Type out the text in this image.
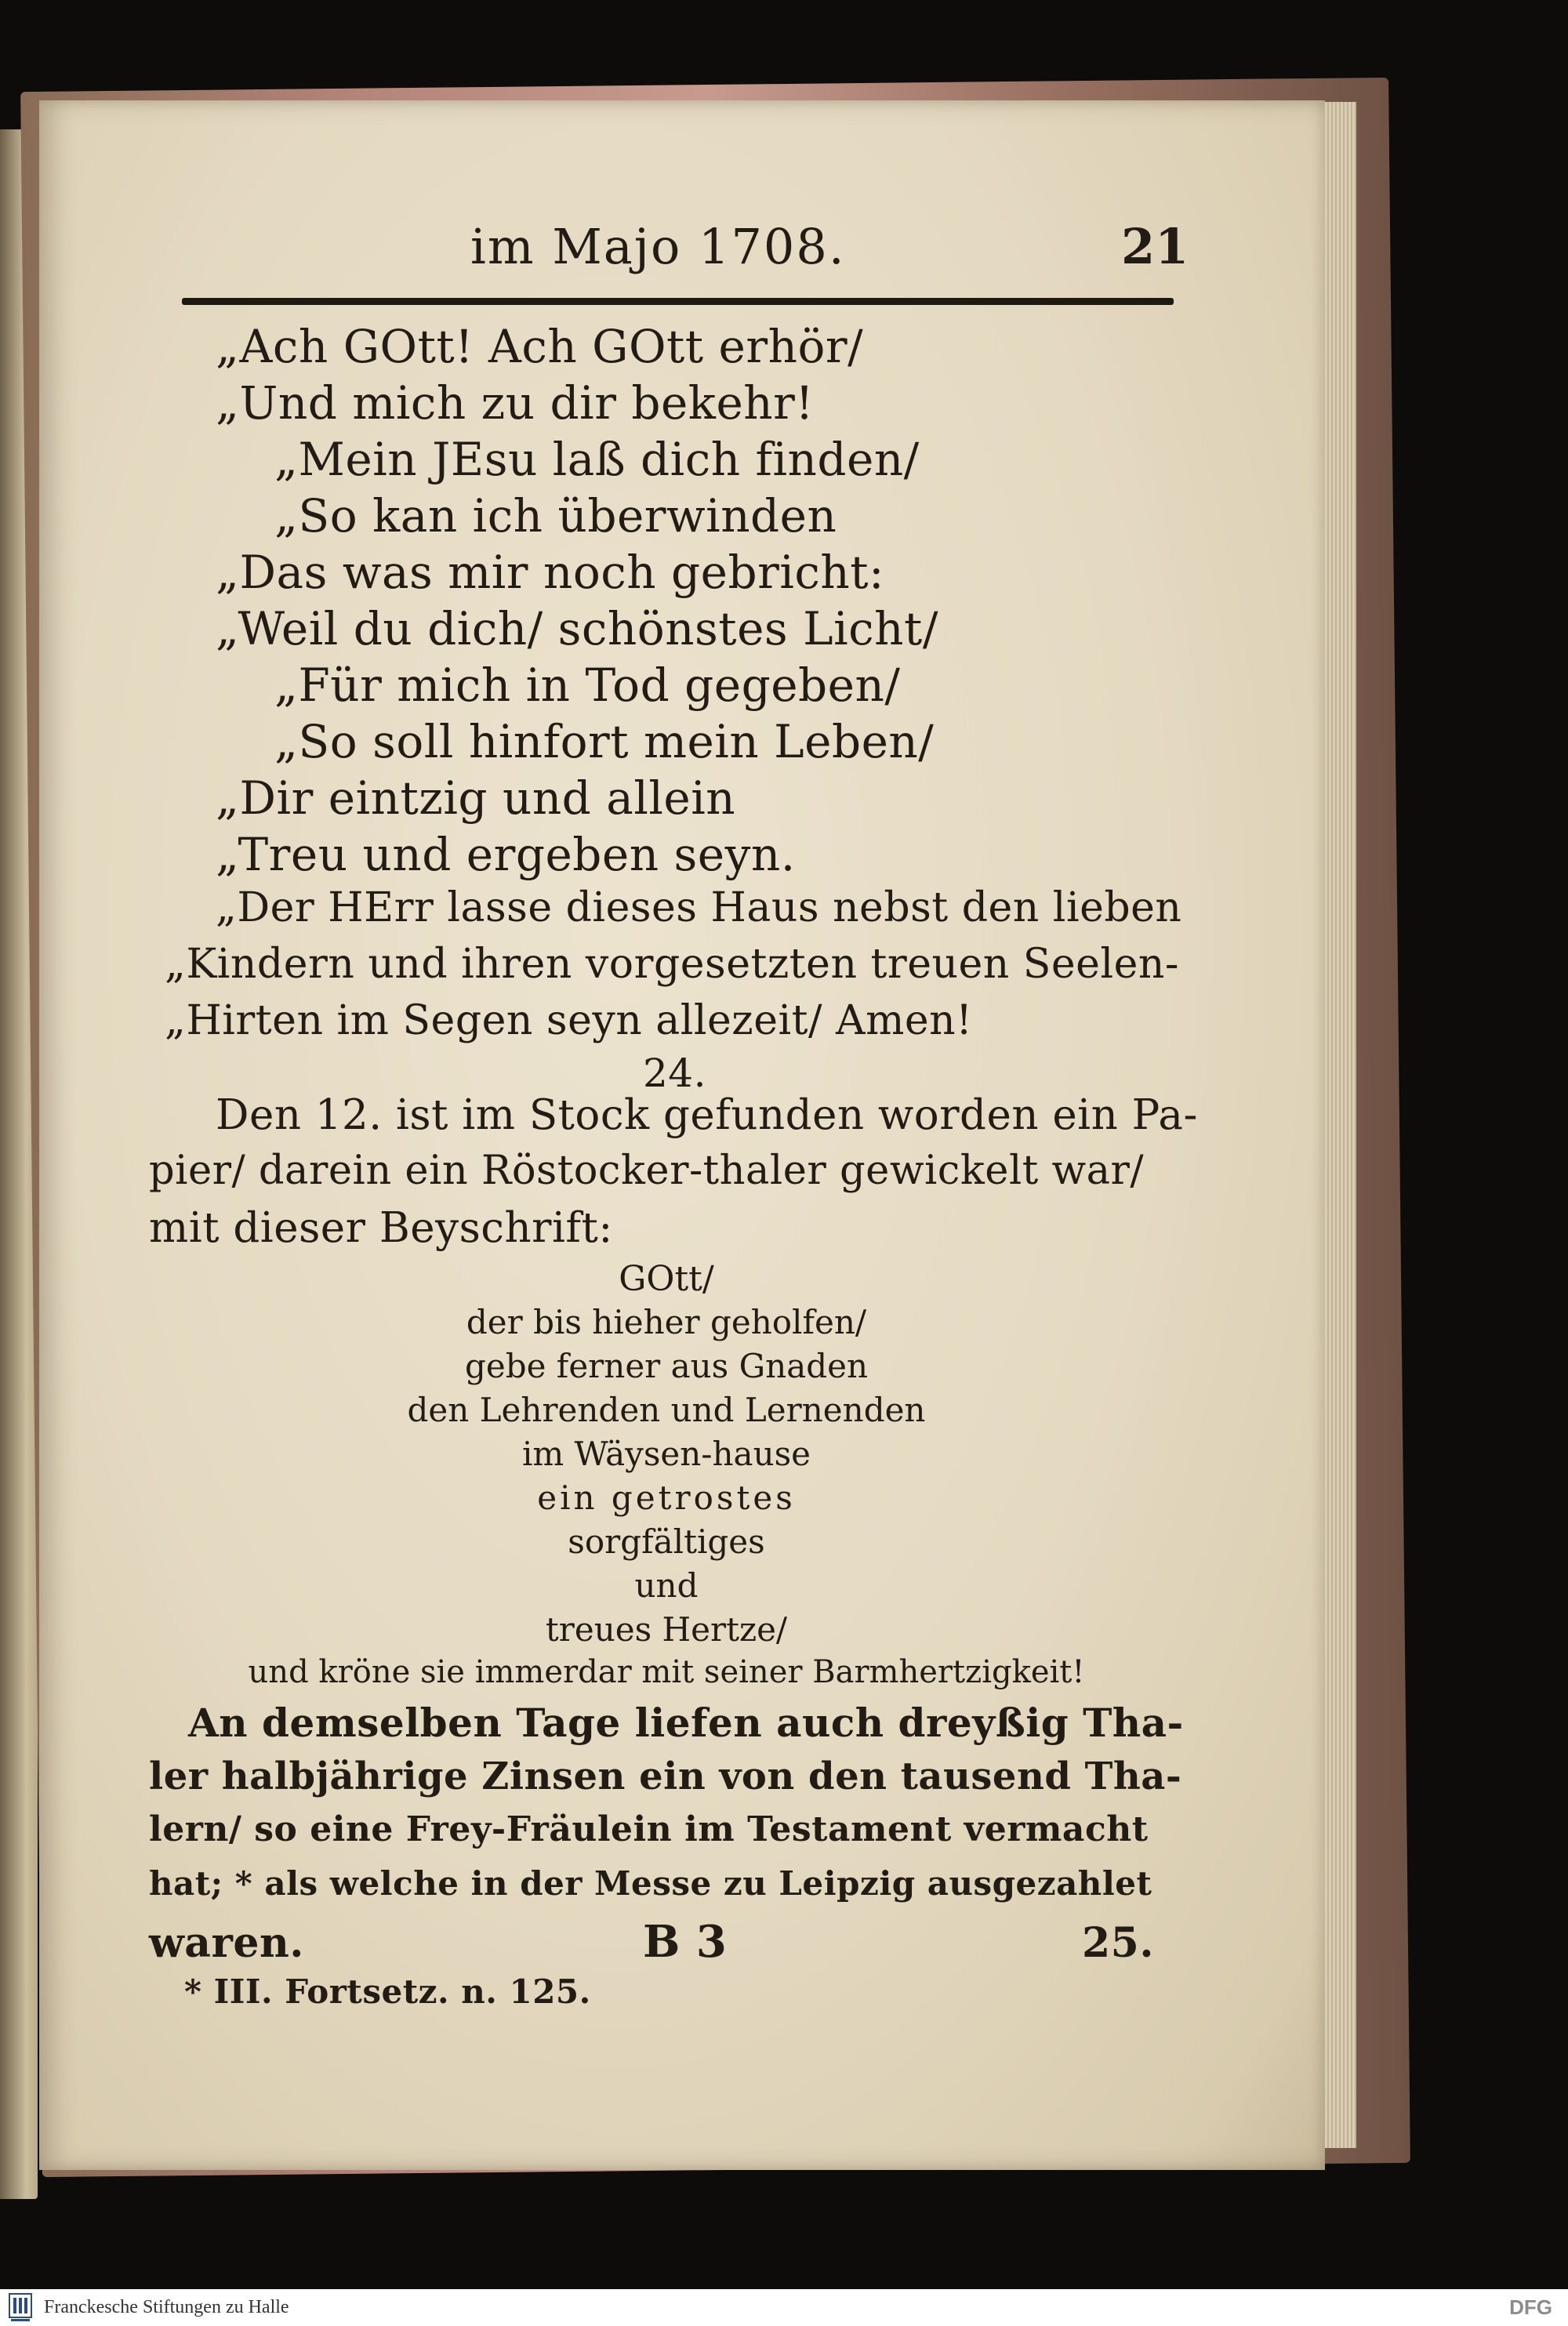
im Majo 1708.	21
„Ach GOtt! Ach GOtt erhör/
„Und mich zu dir bekehr!
„Mein JEsu laß dich finden/
„So kan ich überwinden
„Das was mir noch gebricht:
„Weil du dich/ schönstes Licht/
„Für mich in Tod gegeben/
„So soll hinfort mein Leben/
„Dir eintzig und allein
„Treu und ergeben seyn.
„Der HErr lasse dieses Haus nebst den lieben
„Kindern und ihren vorgesetzten treuen Seelen-
„Hirten im Segen seyn allezeit/ Amen!
24.
Den 12. ist im Stock gefunden worden ein Pa-
pier/ darein ein Röstocker-thaler gewickelt war/
mit dieser Beyschrift:
GOtt/
der bis hieher geholfen/
gebe ferner aus Gnaden
den Lehrenden und Lernenden
im Wäysen-hause
ein getrostes
sorgfältiges
und
treues Hertze/
und kröne sie immerdar mit seiner Barmhertzigkeit!
An demselben Tage liefen auch dreyßig Tha-
ler halbjährige Zinsen ein von den tausend Tha-
lern/ so eine Frey-Fräulein im Testament vermacht
hat; * als welche in der Messe zu Leipzig ausgezahlet
waren.	B 3	25.
* III. Fortsetz. n. 125.
Franckesche Stiftungen zu Halle	DFG
